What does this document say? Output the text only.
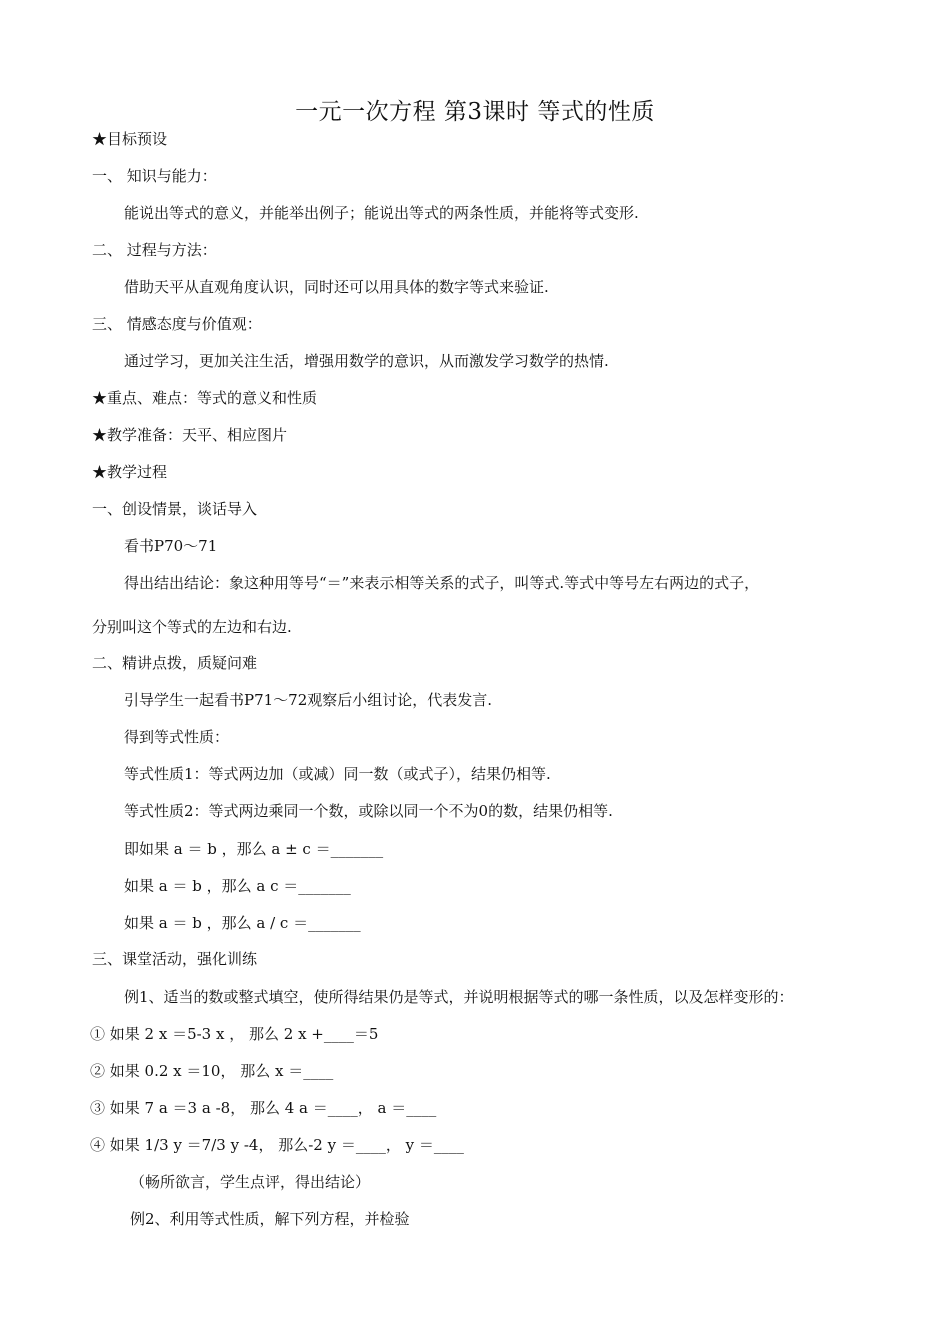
一元一次方程 第3课时 等式的性质
★目标预设
一、 知识与能力：
能说出等式的意义，并能举出例子；能说出等式的两条性质，并能将等式变形.
二、 过程与方法：
借助天平从直观角度认识，同时还可以用具体的数字等式来验证.
三、 情感态度与价值观：
通过学习，更加关注生活，增强用数学的意识，从而激发学习数学的热情.
★重点、难点：等式的意义和性质
★教学准备：天平、相应图片
★教学过程
一、创设情景，谈话导入
看书P70～71
得出结出结论：象这种用等号“＝”来表示相等关系的式子，叫等式.等式中等号左右两边的式子，
分别叫这个等式的左边和右边.
二、精讲点拨，质疑问难
引导学生一起看书P71～72观察后小组讨论，代表发言.
得到等式性质：
等式性质1：等式两边加（或减）同一数（或式子），结果仍相等.
等式性质2：等式两边乘同一个数，或除以同一个不为0的数，结果仍相等.
即如果 a ＝ b ，那么 a ± c ＝_______
如果 a ＝ b ，那么 a c ＝_______
如果 a ＝ b ，那么 a / c ＝_______
三、课堂活动，强化训练
例1、适当的数或整式填空，使所得结果仍是等式，并说明根据等式的哪一条性质，以及怎样变形的：
① 如果 2 x ＝5-3 x ， 那么 2 x +____＝5
② 如果 0.2 x ＝10， 那么 x ＝____
③ 如果 7 a ＝3 a -8， 那么 4 a ＝____， a ＝____
④ 如果 1/3 y ＝7/3 y -4， 那么-2 y ＝____， y ＝____
（畅所欲言，学生点评，得出结论）
例2、利用等式性质，解下列方程，并检验
